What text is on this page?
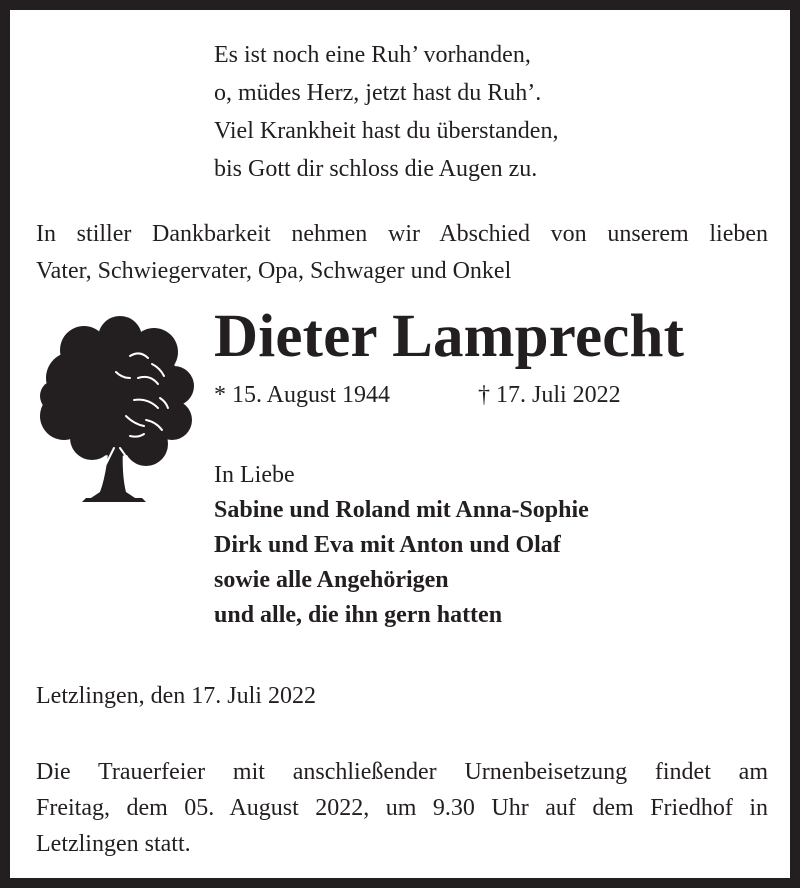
Es ist noch eine Ruh’ vorhanden,
o, müdes Herz, jetzt hast du Ruh’.
Viel Krankheit hast du überstanden,
bis Gott dir schloss die Augen zu.
In stiller Dankbarkeit nehmen wir Abschied von unserem lieben
Vater, Schwiegervater, Opa, Schwager und Onkel
Dieter Lamprecht
* 15. August 1944	† 17. Juli 2022
In Liebe
Sabine und Roland mit Anna-Sophie
Dirk und Eva mit Anton und Olaf
sowie alle Angehörigen
und alle, die ihn gern hatten
Letzlingen, den 17. Juli 2022
Die Trauerfeier mit anschließender Urnenbeisetzung findet am
Freitag, dem 05. August 2022, um 9.30 Uhr auf dem Friedhof in
Letzlingen statt.
